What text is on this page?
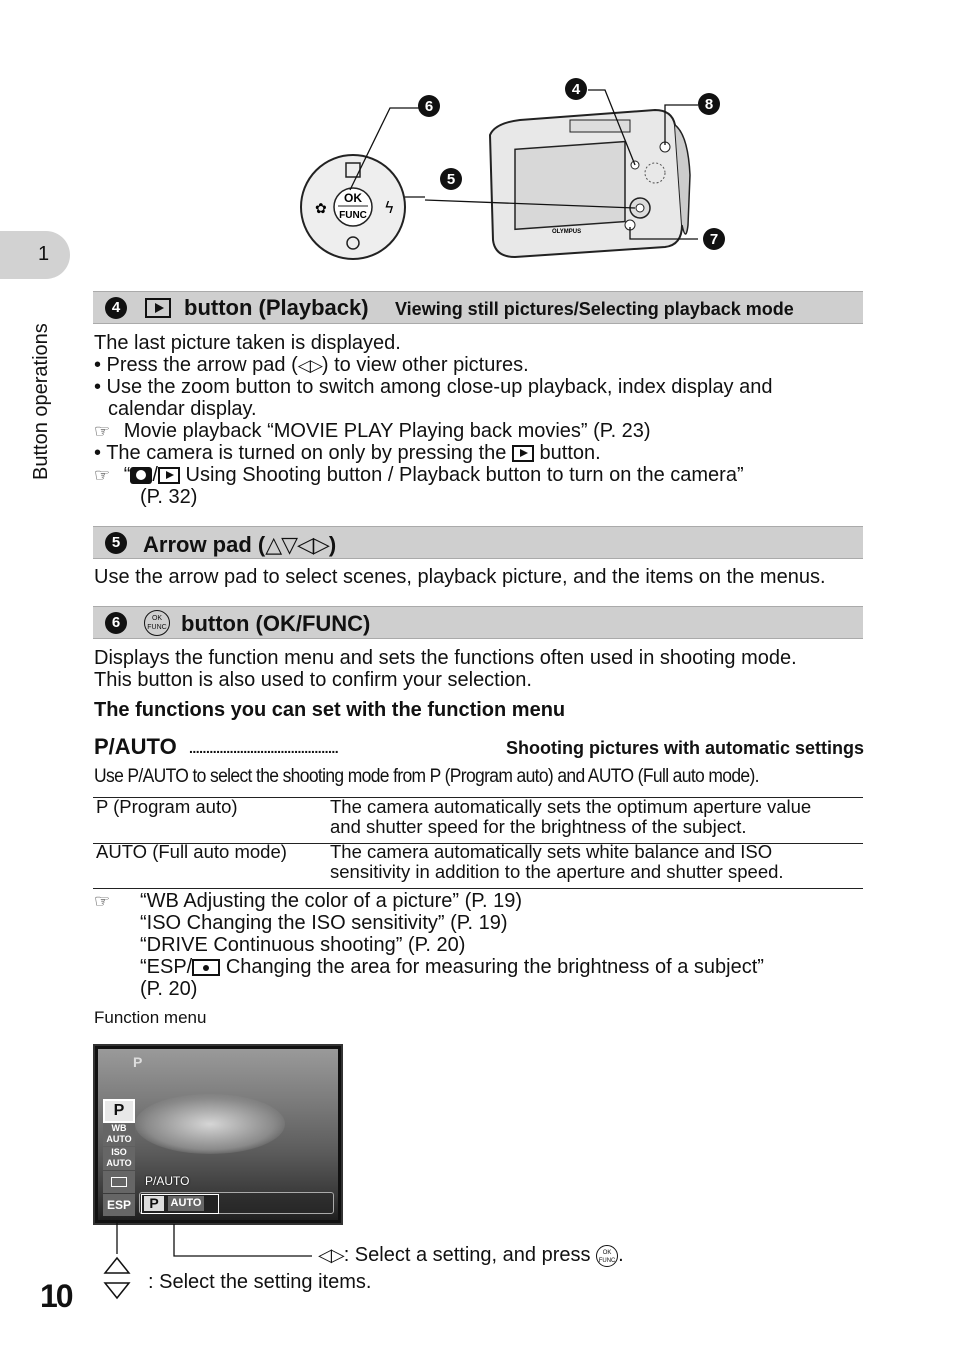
1
Button operations
OK
FUNC
✿	ϟ
OLYMPUS
6
5
4
8
7
4	button (Playback) Viewing still pictures/Selecting playback mode
The last picture taken is displayed.
• Press the arrow pad (◁▷) to view other pictures.
• Use the zoom button to switch among close-up playback, index display and
calendar display.
☞ Movie playback “MOVIE PLAY Playing back movies” (P. 23)
• The camera is turned on only by pressing the button.
☞ “ / Using Shooting button / Playback button to turn on the camera”
(P. 32)
5	Arrow pad (△▽◁▷)
Use the arrow pad to select scenes, playback picture, and the items on the menus.
6	OK
FUNC button (OK/FUNC)
Displays the function menu and sets the functions often used in shooting mode.
This button is also used to confirm your selection.
The functions you can set with the function menu
P/AUTO ............................................	Shooting pictures with automatic settings
Use P/AUTO to select the shooting mode from P (Program auto) and AUTO (Full auto mode).
P (Program auto)	The camera automatically sets the optimum aperture value
and shutter speed for the brightness of the subject.
AUTO (Full auto mode) The camera automatically sets white balance and ISO
sensitivity in addition to the aperture and shutter speed.
☞ “WB Adjusting the color of a picture” (P. 19)
“ISO Changing the ISO sensitivity” (P. 19)
“DRIVE Continuous shooting” (P. 20)
“ESP/ Changing the area for measuring the brightness of a subject”
(P. 20)
Function menu
P
P
WB
AUTO
ISO
AUTO
ESP
P/AUTO
P	AUTO
◁▷: Select a setting, and press OK
FUNC .
: Select the setting items.
10
